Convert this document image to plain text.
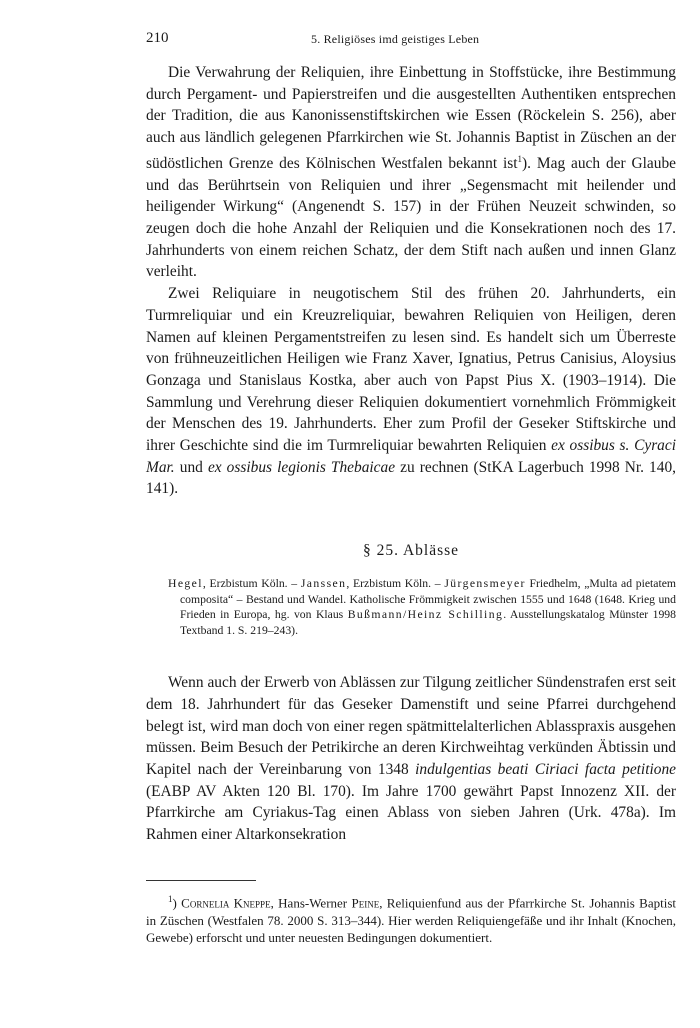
210	5. Religiöses imd geistiges Leben

Die Verwahrung der Reliquien, ihre Einbettung in Stoffstücke, ihre Bestimmung durch Pergament- und Papierstreifen und die ausgestellten Authentiken entsprechen der Tradition, die aus Kanonissenstiftskirchen wie Essen (Röckelein S. 256), aber auch aus ländlich gelegenen Pfarrkirchen wie St. Johannis Baptist in Züschen an der südöstlichen Grenze des Kölnischen Westfalen bekannt ist$^1$). Mag auch der Glaube und das Berührtsein von Reliquien und ihrer „Segensmacht mit heilender und heiligender Wirkung“ (Angenendt S. 157) in der Frühen Neuzeit schwinden, so zeugen doch die hohe Anzahl der Reliquien und die Konsekrationen noch des 17. Jahrhunderts von einem reichen Schatz, der dem Stift nach außen und innen Glanz verleiht.

Zwei Reliquiare in neugotischem Stil des frühen 20. Jahrhunderts, ein Turmreliquiar und ein Kreuzreliquiar, bewahren Reliquien von Heiligen, deren Namen auf kleinen Pergamentstreifen zu lesen sind. Es handelt sich um Überreste von frühneuzeitlichen Heiligen wie Franz Xaver, Ignatius, Petrus Canisius, Aloysius Gonzaga und Stanislaus Kostka, aber auch von Papst Pius X. (1903–1914). Die Sammlung und Verehrung dieser Reliquien dokumentiert vornehmlich Frömmigkeit der Menschen des 19. Jahrhunderts. Eher zum Profil der Geseker Stiftskirche und ihrer Geschichte sind die im Turmreliquiar bewahrten Reliquien ex ossibus s. Cyraci Mar. und ex ossibus legionis Thebaicae zu rechnen (StKA Lagerbuch 1998 Nr. 140, 141).

§ 25. Ablässe

Hegel, Erzbistum Köln. – Janssen, Erzbistum Köln. – Jürgensmeyer Friedhelm, „Multa ad pietatem composita“ – Bestand und Wandel. Katholische Frömmigkeit zwischen 1555 und 1648 (1648. Krieg und Frieden in Europa, hg. von Klaus Bußmann/Heinz Schilling. Ausstellungskatalog Münster 1998 Textband 1. S. 219–243).

Wenn auch der Erwerb von Ablässen zur Tilgung zeitlicher Sündenstrafen erst seit dem 18. Jahrhundert für das Geseker Damenstift und seine Pfarrei durchgehend belegt ist, wird man doch von einer regen spätmittelalterlichen Ablasspraxis ausgehen müssen. Beim Besuch der Petrikirche an deren Kirchweihtag verkünden Äbtissin und Kapitel nach der Vereinbarung von 1348 indulgentias beati Ciriaci facta petitione (EABP AV Akten 120 Bl. 170). Im Jahre 1700 gewährt Papst Innozenz XII. der Pfarrkirche am Cyriakus-Tag einen Ablass von sieben Jahren (Urk. 478a). Im Rahmen einer Altarkonsekration

$^1$) Cornelia Kneppe, Hans-Werner Peine, Reliquienfund aus der Pfarrkirche St. Johannis Baptist in Züschen (Westfalen 78. 2000 S. 313–344). Hier werden Reliquiengefäße und ihr Inhalt (Knochen, Gewebe) erforscht und unter neuesten Bedingungen dokumentiert.
